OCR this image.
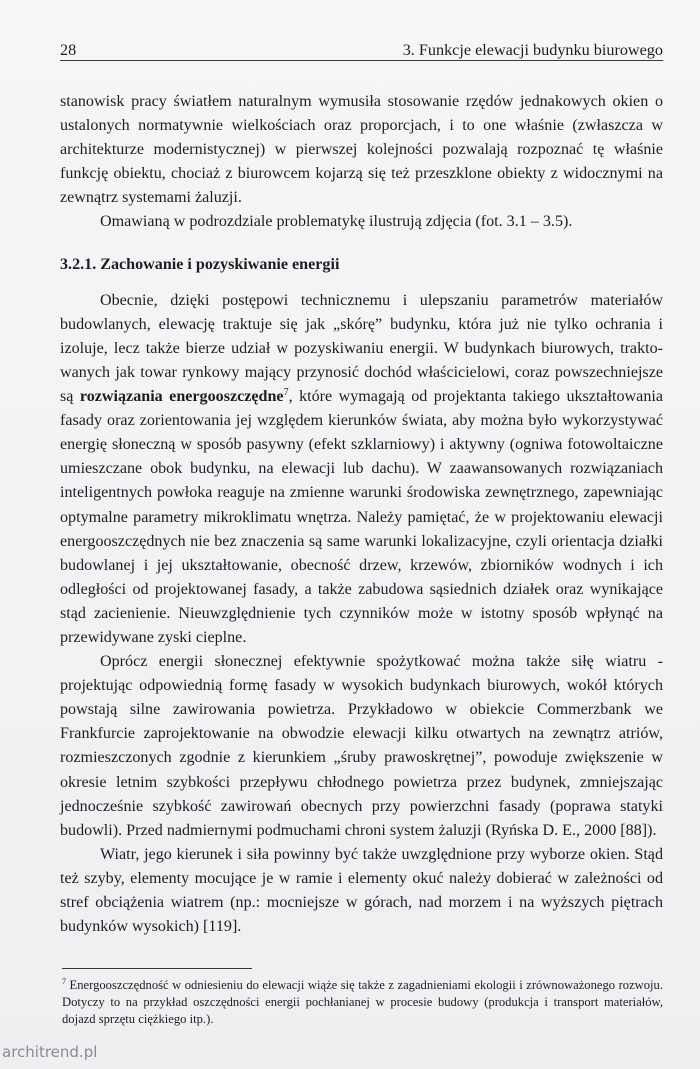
28	3. Funkcje elewacji budynku biurowego

stanowisk pracy światłem naturalnym wymusiła stosowanie rzędów jednakowych okien o ustalonych normatywnie wielkościach oraz proporcjach, i to one właśnie (zwłaszcza w architekturze modernistycznej) w pierwszej kolejności pozwalają rozpoznać tę właśnie funkcję obiektu, chociaż z biurowcem kojarzą się też przeszklone obiekty z widocznymi na zewnątrz systemami żaluzji.

Omawianą w podrozdziale problematykę ilustrują zdjęcia (fot. 3.1 – 3.5).

3.2.1. Zachowanie i pozyskiwanie energii

Obecnie, dzięki postępowi technicznemu i ulepszaniu parametrów materiałów budowlanych, elewację traktuje się jak „skórę” budynku, która już nie tylko ochrania i izoluje, lecz także bierze udział w pozyskiwaniu energii. W budynkach biurowych, traktowanych jak towar rynkowy mający przynosić dochód właścicielowi, coraz powszechniejsze są rozwiązania energooszczędne$^7$, które wymagają od projektanta takiego ukształtowania fasady oraz zorientowania jej względem kierunków świata, aby można było wykorzystywać energię słoneczną w sposób pasywny (efekt szklarniowy) i aktywny (ogniwa fotowoltaiczne umieszczane obok budynku, na elewacji lub dachu). W zaawansowanych rozwiązaniach inteligentnych powłoka reaguje na zmienne warunki środowiska zewnętrznego, zapewniając optymalne parametry mikroklimatu wnętrza. Należy pamiętać, że w projektowaniu elewacji energooszczędnych nie bez znaczenia są same warunki lokalizacyjne, czyli orientacja działki budowlanej i jej ukształtowanie, obecność drzew, krzewów, zbiorników wodnych i ich odległości od projektowanej fasady, a także zabudowa sąsiednich działek oraz wynikające stąd zacienienie. Nieuwzględnienie tych czynników może w istotny sposób wpłynąć na przewidywane zyski cieplne.

Oprócz energii słonecznej efektywnie spożytkować można także siłę wiatru - projektując odpowiednią formę fasady w wysokich budynkach biurowych, wokół których powstają silne zawirowania powietrza. Przykładowo w obiekcie Commerzbank we Frankfurcie zaprojektowanie na obwodzie elewacji kilku otwartych na zewnątrz atriów, rozmieszczonych zgodnie z kierunkiem „śruby prawoskrętnej”, powoduje zwiększenie w okresie letnim szybkości przepływu chłodnego powietrza przez budynek, zmniejszając jednocześnie szybkość zawirowań obecnych przy powierzchni fasady (poprawa statyki budowli). Przed nadmiernymi podmuchami chroni system żaluzji (Ryńska D. E., 2000 [88]).

Wiatr, jego kierunek i siła powinny być także uwzględnione przy wyborze okien. Stąd też szyby, elementy mocujące je w ramie i elementy okuć należy dobierać w zależności od stref obciążenia wiatrem (np.: mocniejsze w górach, nad morzem i na wyższych piętrach budynków wysokich) [119].

$^7$ Energooszczędność w odniesieniu do elewacji wiąże się także z zagadnieniami ekologii i zrównoważonego rozwoju. Dotyczy to na przykład oszczędności energii pochłanianej w procesie budowy (produkcja i transport materiałów, dojazd sprzętu ciężkiego itp.).
architrend.pl
